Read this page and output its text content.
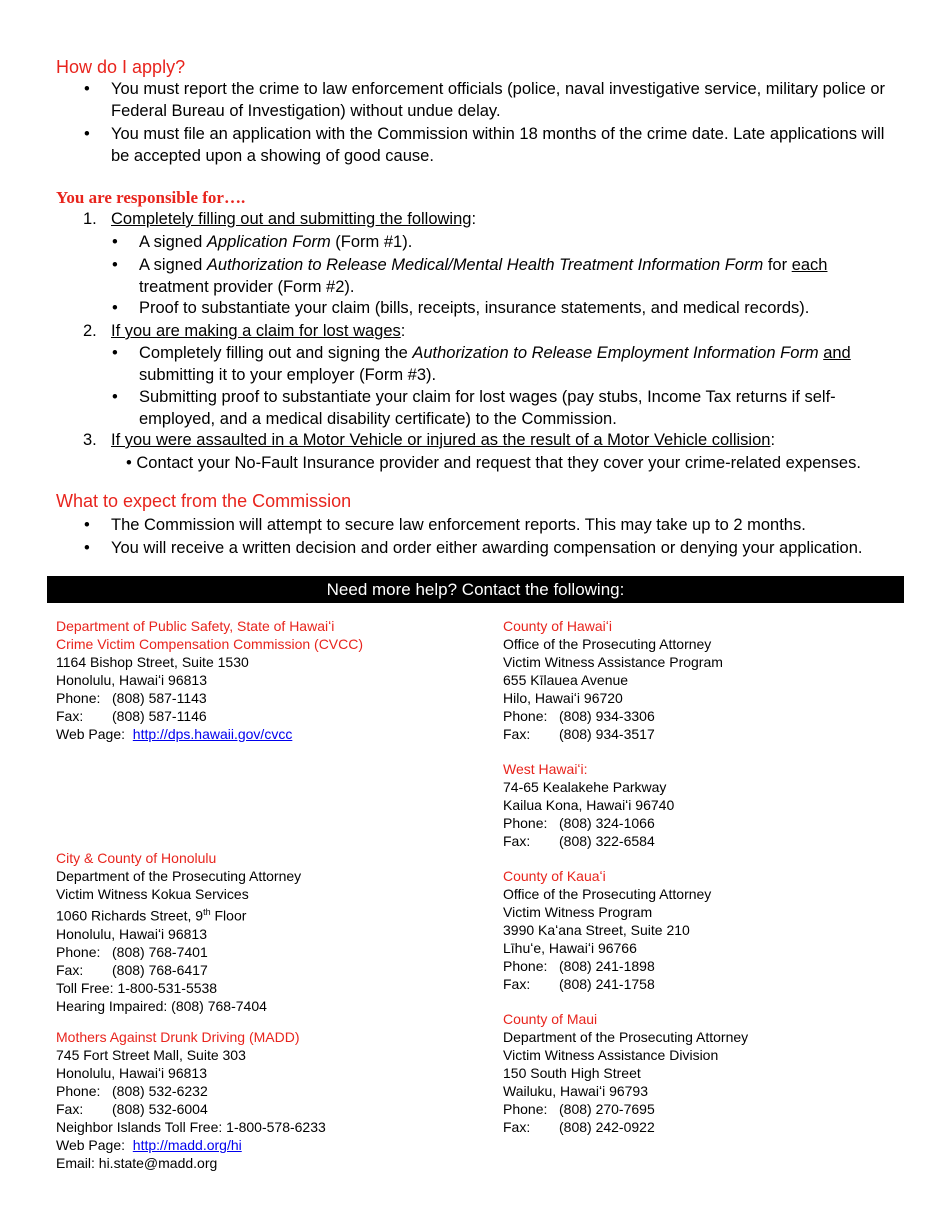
How do I apply?
• You must report the crime to law enforcement officials (police, naval investigative service, military police or Federal Bureau of Investigation) without undue delay.
• You must file an application with the Commission within 18 months of the crime date. Late applications will be accepted upon a showing of good cause.
You are responsible for….
1. Completely filling out and submitting the following:
• A signed Application Form (Form #1).
• A signed Authorization to Release Medical/Mental Health Treatment Information Form for each
treatment provider (Form #2).
• Proof to substantiate your claim (bills, receipts, insurance statements, and medical records).
2. If you are making a claim for lost wages:
• Completely filling out and signing the Authorization to Release Employment Information Form and
submitting it to your employer (Form #3).
• Submitting proof to substantiate your claim for lost wages (pay stubs, Income Tax returns if self-employed, and a medical disability certificate) to the Commission.
3. If you were assaulted in a Motor Vehicle or injured as the result of a Motor Vehicle collision:
• Contact your No-Fault Insurance provider and request that they cover your crime-related expenses.
What to expect from the Commission
• The Commission will attempt to secure law enforcement reports. This may take up to 2 months.
• You will receive a written decision and order either awarding compensation or denying your application.
Need more help? Contact the following:
Department of Public Safety, State of Hawaiʻi
Crime Victim Compensation Commission (CVCC)
1164 Bishop Street, Suite 1530
Honolulu, Hawaiʻi 96813
Phone: (808) 587-1143
Fax: (808) 587-1146
Web Page: http://dps.hawaii.gov/cvcc
City & County of Honolulu
Department of the Prosecuting Attorney
Victim Witness Kokua Services
1060 Richards Street, 9th Floor
Honolulu, Hawaiʻi 96813
Phone: (808) 768-7401
Fax: (808) 768-6417
Toll Free: 1-800-531-5538
Hearing Impaired: (808) 768-7404
Mothers Against Drunk Driving (MADD)
745 Fort Street Mall, Suite 303
Honolulu, Hawaiʻi 96813
Phone: (808) 532-6232
Fax: (808) 532-6004
Neighbor Islands Toll Free: 1-800-578-6233
Web Page: http://madd.org/hi
Email: hi.state@madd.org
County of Hawaiʻi
Office of the Prosecuting Attorney
Victim Witness Assistance Program
655 Kīlauea Avenue
Hilo, Hawaiʻi 96720
Phone: (808) 934-3306
Fax: (808) 934-3517
West Hawaiʻi:
74-65 Kealakehe Parkway
Kailua Kona, Hawaiʻi 96740
Phone: (808) 324-1066
Fax: (808) 322-6584
County of Kauaʻi
Office of the Prosecuting Attorney
Victim Witness Program
3990 Kaʻana Street, Suite 210
Līhuʻe, Hawaiʻi 96766
Phone: (808) 241-1898
Fax: (808) 241-1758
County of Maui
Department of the Prosecuting Attorney
Victim Witness Assistance Division
150 South High Street
Wailuku, Hawaiʻi 96793
Phone: (808) 270-7695
Fax: (808) 242-0922
